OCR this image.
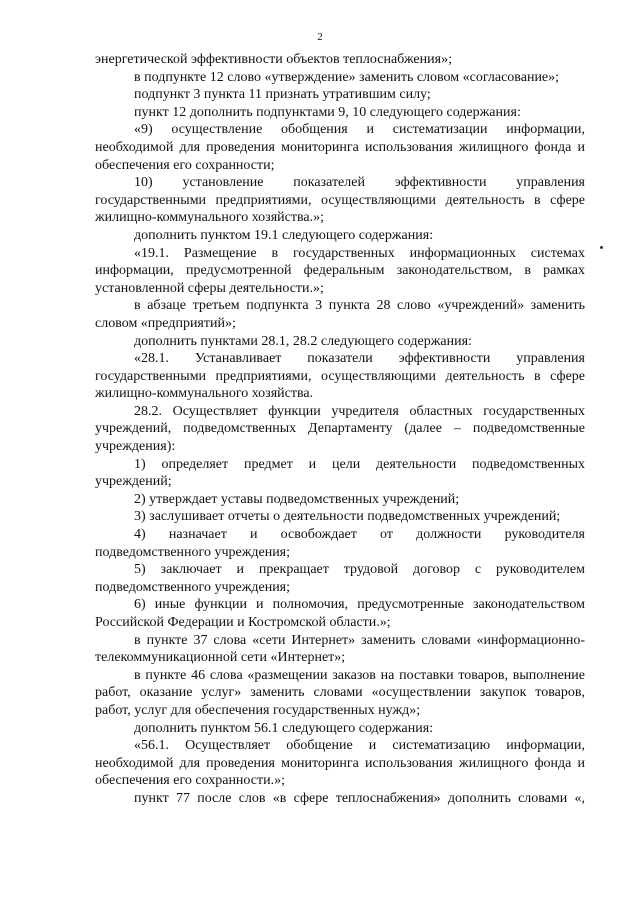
2

энергетической эффективности объектов теплоснабжения»;

в подпункте 12 слово «утверждение» заменить словом «согласование»;

подпункт 3 пункта 11 признать утратившим силу;

пункт 12 дополнить подпунктами 9, 10 следующего содержания:

«9) осуществление обобщения и систематизации информации, необходимой для проведения мониторинга использования жилищного фонда и обеспечения его сохранности;

10) установление показателей эффективности управления государственными предприятиями, осуществляющими деятельность в сфере жилищно-коммунального хозяйства.»;

дополнить пунктом 19.1 следующего содержания:

«19.1. Размещение в государственных информационных системах информации, предусмотренной федеральным законодательством, в рамках установленной сферы деятельности.»;

в абзаце третьем подпункта 3 пункта 28 слово «учреждений» заменить словом «предприятий»;

дополнить пунктами 28.1, 28.2 следующего содержания:

«28.1. Устанавливает показатели эффективности управления государственными предприятиями, осуществляющими деятельность в сфере жилищно-коммунального хозяйства.

28.2. Осуществляет функции учредителя областных государственных учреждений, подведомственных Департаменту (далее – подведомственные учреждения):

1) определяет предмет и цели деятельности подведомственных учреждений;

2) утверждает уставы подведомственных учреждений;

3) заслушивает отчеты о деятельности подведомственных учреждений;

4) назначает и освобождает от должности руководителя подведомственного учреждения;

5) заключает и прекращает трудовой договор с руководителем подведомственного учреждения;

6) иные функции и полномочия, предусмотренные законодательством Российской Федерации и Костромской области.»;

в пункте 37 слова «сети Интернет» заменить словами «информационно-телекоммуникационной сети «Интернет»;

в пункте 46 слова «размещении заказов на поставки товаров, выполнение работ, оказание услуг» заменить словами «осуществлении закупок товаров, работ, услуг для обеспечения государственных нужд»;

дополнить пунктом 56.1 следующего содержания:

«56.1. Осуществляет обобщение и систематизацию информации, необходимой для проведения мониторинга использования жилищного фонда и обеспечения его сохранности.»;

пункт 77 после слов «в сфере теплоснабжения» дополнить словами «,
